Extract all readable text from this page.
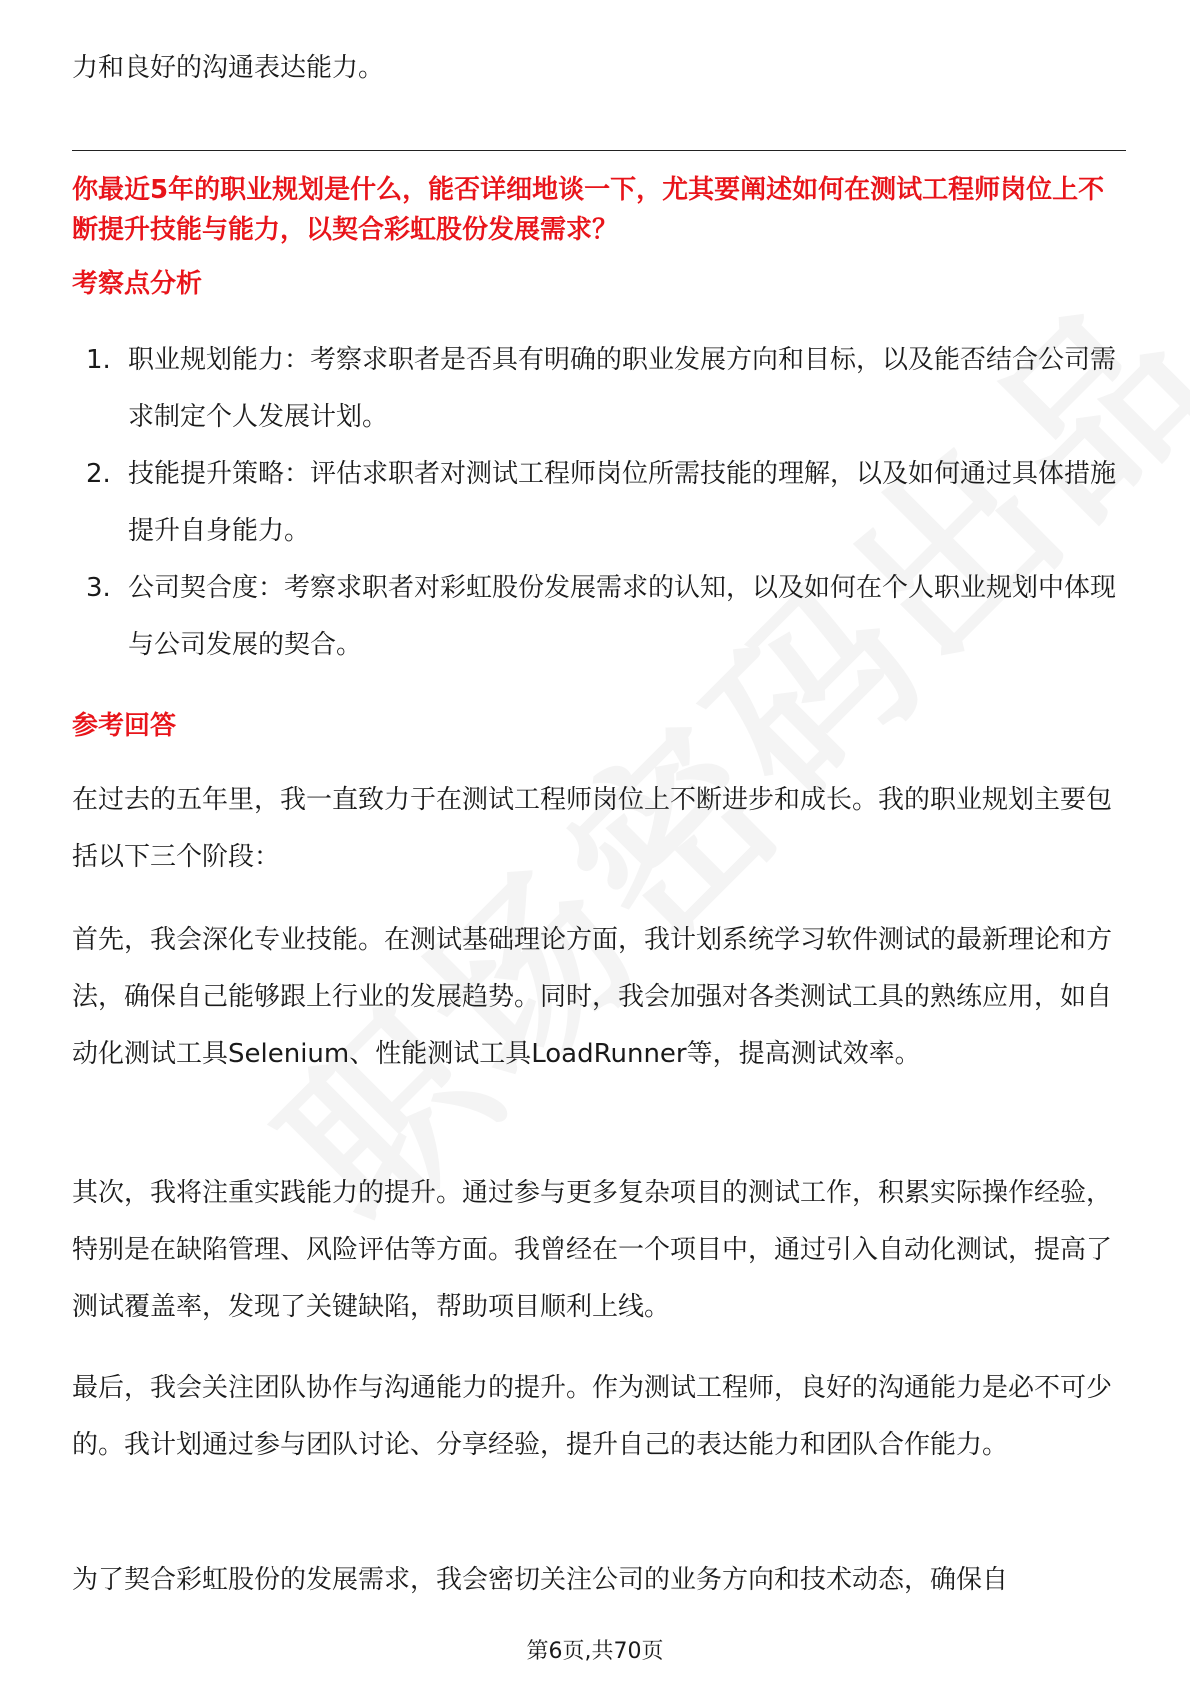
力和良好的沟通表达能力。

你最近5年的职业规划是什么，能否详细地谈一下，尤其要阐述如何在测试工程师岗位上不断提升技能与能力，以契合彩虹股份发展需求？

考察点分析

1. 职业规划能力：考察求职者是否具有明确的职业发展方向和目标，以及能否结合公司需求制定个人发展计划。
2. 技能提升策略：评估求职者对测试工程师岗位所需技能的理解，以及如何通过具体措施提升自身能力。
3. 公司契合度：考察求职者对彩虹股份发展需求的认知，以及如何在个人职业规划中体现与公司发展的契合。

参考回答

在过去的五年里，我一直致力于在测试工程师岗位上不断进步和成长。我的职业规划主要包括以下三个阶段：

首先，我会深化专业技能。在测试基础理论方面，我计划系统学习软件测试的最新理论和方法，确保自己能够跟上行业的发展趋势。同时，我会加强对各类测试工具的熟练应用，如自动化测试工具Selenium、性能测试工具LoadRunner等，提高测试效率。

其次，我将注重实践能力的提升。通过参与更多复杂项目的测试工作，积累实际操作经验，特别是在缺陷管理、风险评估等方面。我曾经在一个项目中，通过引入自动化测试，提高了测试覆盖率，发现了关键缺陷，帮助项目顺利上线。

最后，我会关注团队协作与沟通能力的提升。作为测试工程师，良好的沟通能力是必不可少的。我计划通过参与团队讨论、分享经验，提升自己的表达能力和团队合作能力。

为了契合彩虹股份的发展需求，我会密切关注公司的业务方向和技术动态，确保自

第6页,共70页
